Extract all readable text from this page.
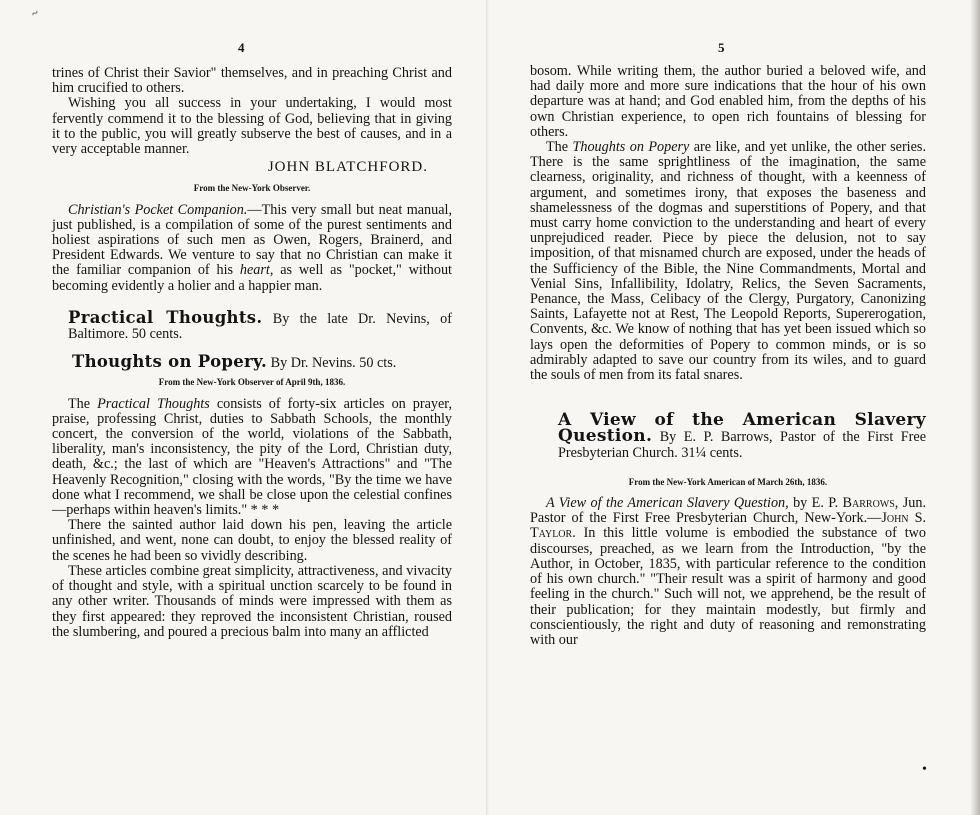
~
4

trines of Christ their Savior" themselves, and in preaching Christ and him crucified to others.

Wishing you all success in your undertaking, I would most fervently commend it to the blessing of God, believing that in giving it to the public, you will greatly subserve the best of causes, and in a very acceptable manner.

JOHN BLATCHFORD.
From the New-York Observer.

Christian's Pocket Companion.—This very small but neat manual, just published, is a compilation of some of the purest sentiments and holiest aspirations of such men as Owen, Rogers, Brainerd, and President Edwards. We venture to say that no Christian can make it the familiar companion of his heart, as well as "pocket," without becoming evidently a holier and a happier man.

Practical Thoughts. By the late Dr. Nevins, of Baltimore. 50 cents.

Thoughts on Popery. By Dr. Nevins. 50 cts.

From the New-York Observer of April 9th, 1836.

The Practical Thoughts consists of forty-six articles on prayer, praise, professing Christ, duties to Sabbath Schools, the monthly concert, the conversion of the world, violations of the Sabbath, liberality, man's inconsistency, the pity of the Lord, Christian duty, death, &c.; the last of which are "Heaven's Attractions" and "The Heavenly Recognition," closing with the words, "By the time we have done what I recommend, we shall be close upon the celestial confines—perhaps within heaven's limits." * * *

There the sainted author laid down his pen, leaving the article unfinished, and went, none can doubt, to enjoy the blessed reality of the scenes he had been so vividly describing.

These articles combine great simplicity, attractiveness, and vivacity of thought and style, with a spiritual unction scarcely to be found in any other writer. Thousands of minds were impressed with them as they first appeared: they reproved the inconsistent Christian, roused the slumbering, and poured a precious balm into many an afflicted

5
•

bosom. While writing them, the author buried a beloved wife, and had daily more and more sure indications that the hour of his own departure was at hand; and God enabled him, from the depths of his own Christian experience, to open rich fountains of blessing for others.

The Thoughts on Popery are like, and yet unlike, the other series. There is the same sprightliness of the imagination, the same clearness, originality, and richness of thought, with a keenness of argument, and sometimes irony, that exposes the baseness and shamelessness of the dogmas and superstitions of Popery, and that must carry home conviction to the understanding and heart of every unprejudiced reader. Piece by piece the delusion, not to say imposition, of that misnamed church are exposed, under the heads of the Sufficiency of the Bible, the Nine Commandments, Mortal and Venial Sins, Infallibility, Idolatry, Relics, the Seven Sacraments, Penance, the Mass, Celibacy of the Clergy, Purgatory, Canonizing Saints, Lafayette not at Rest, The Leopold Reports, Supererogation, Convents, &c. We know of nothing that has yet been issued which so lays open the deformities of Popery to common minds, or is so admirably adapted to save our country from its wiles, and to guard the souls of men from its fatal snares.

A View of the American Slavery Question. By E. P. Barrows, Pastor of the First Free Presbyterian Church. 31¼ cents.

From the New-York American of March 26th, 1836.

A View of the American Slavery Question, by E. P. Barrows, Jun. Pastor of the First Free Presbyterian Church, New-York.—John S. Taylor. In this little volume is embodied the substance of two discourses, preached, as we learn from the Introduction, "by the Author, in October, 1835, with particular reference to the condition of his own church." "Their result was a spirit of harmony and good feeling in the church." Such will not, we apprehend, be the result of their publication; for they maintain modestly, but firmly and conscientiously, the right and duty of reasoning and remonstrating with our
